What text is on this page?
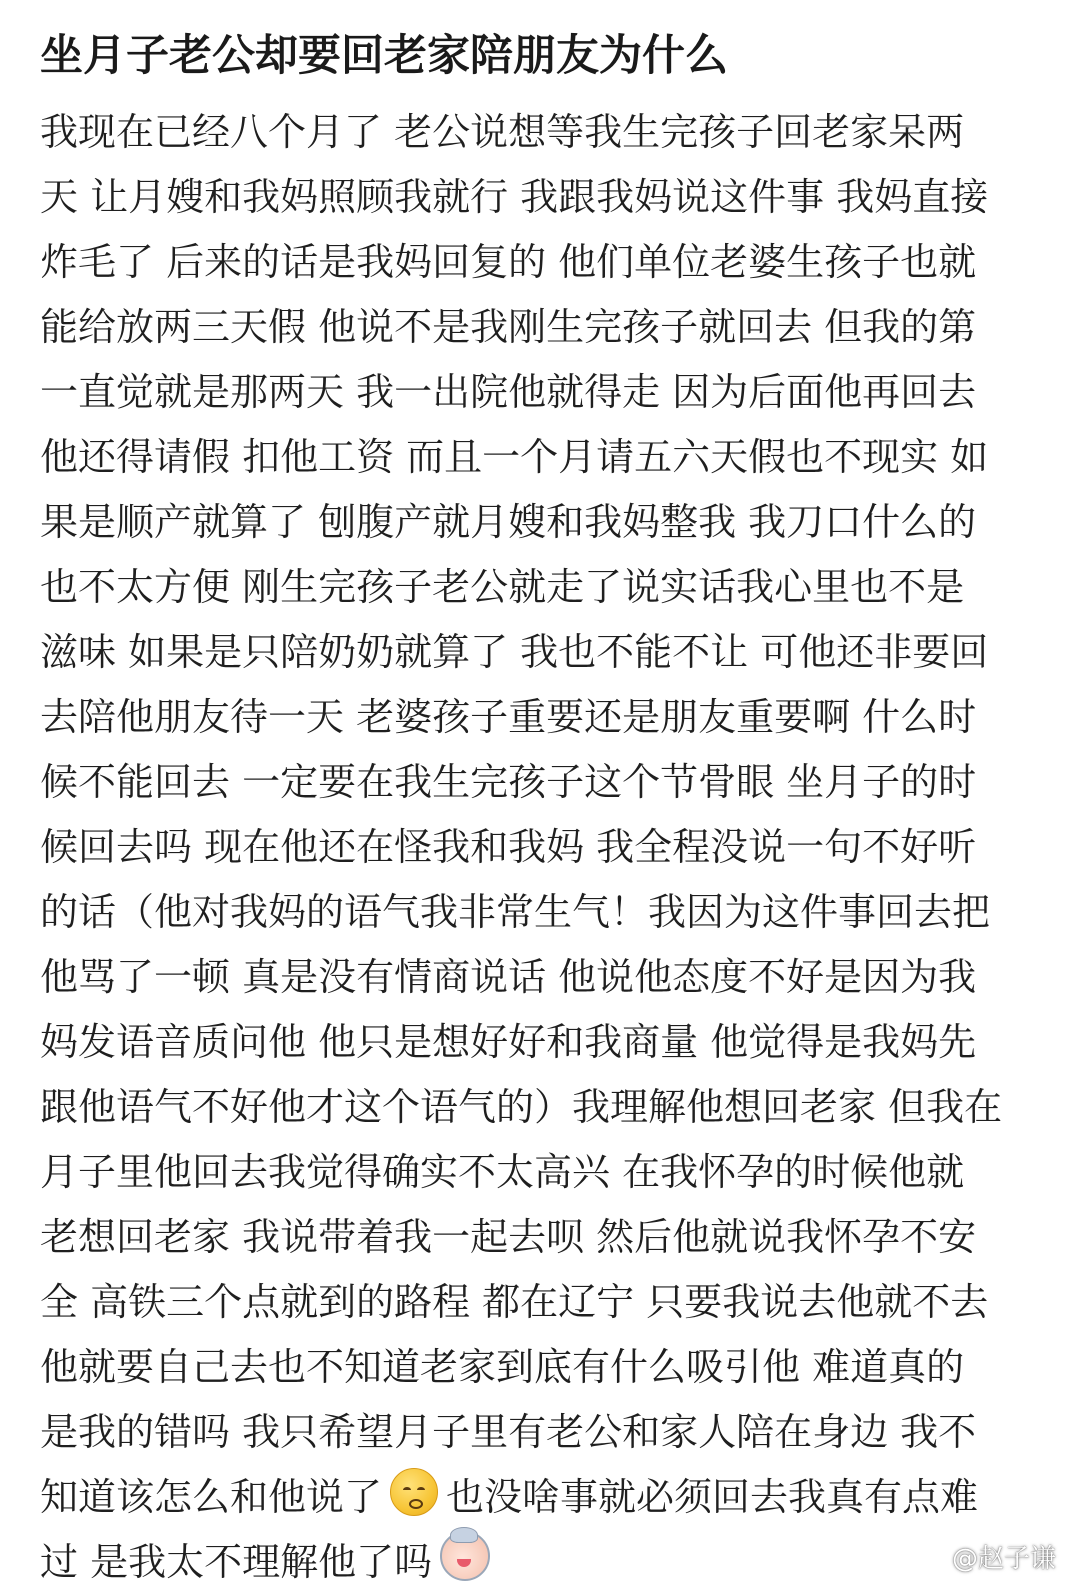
坐月子老公却要回老家陪朋友为什么
我现在已经八个月了 老公说想等我生完孩子回老家呆两
天 让月嫂和我妈照顾我就行 我跟我妈说这件事 我妈直接
炸毛了 后来的话是我妈回复的 他们单位老婆生孩子也就
能给放两三天假 他说不是我刚生完孩子就回去 但我的第
一直觉就是那两天 我一出院他就得走 因为后面他再回去
他还得请假 扣他工资 而且一个月请五六天假也不现实 如
果是顺产就算了 刨腹产就月嫂和我妈整我 我刀口什么的
也不太方便 刚生完孩子老公就走了说实话我心里也不是
滋味 如果是只陪奶奶就算了 我也不能不让 可他还非要回
去陪他朋友待一天 老婆孩子重要还是朋友重要啊 什么时
候不能回去 一定要在我生完孩子这个节骨眼 坐月子的时
候回去吗 现在他还在怪我和我妈 我全程没说一句不好听
的话（他对我妈的语气我非常生气！我因为这件事回去把
他骂了一顿 真是没有情商说话 他说他态度不好是因为我
妈发语音质问他 他只是想好好和我商量 他觉得是我妈先
跟他语气不好他才这个语气的）我理解他想回老家 但我在
月子里他回去我觉得确实不太高兴 在我怀孕的时候他就
老想回老家 我说带着我一起去呗 然后他就说我怀孕不安
全 高铁三个点就到的路程 都在辽宁 只要我说去他就不去
他就要自己去也不知道老家到底有什么吸引他 难道真的
是我的错吗 我只希望月子里有老公和家人陪在身边 我不
知道该怎么和他说了 也没啥事就必须回去我真有点难
过 是我太不理解他了吗	@赵子谦
